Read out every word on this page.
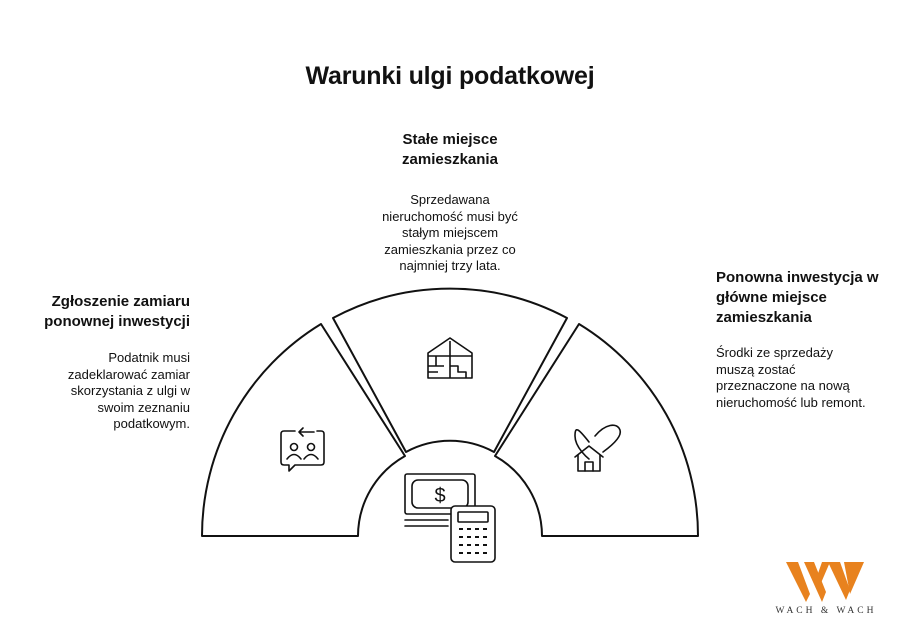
Warunki ulgi podatkowej
Stałe miejsce zamieszkania

Sprzedawana nieruchomość musi być stałym miejscem zamieszkania przez co najmniej trzy lata.

Zgłoszenie zamiaru ponownej inwestycji

Podatnik musi zadeklarować zamiar skorzystania z ulgi w swoim zeznaniu podatkowym.

Ponowna inwestycja w główne miejsce zamieszkania

Środki ze sprzedaży muszą zostać przeznaczone na nową nieruchomość lub remont.

$
WACH & WACH
